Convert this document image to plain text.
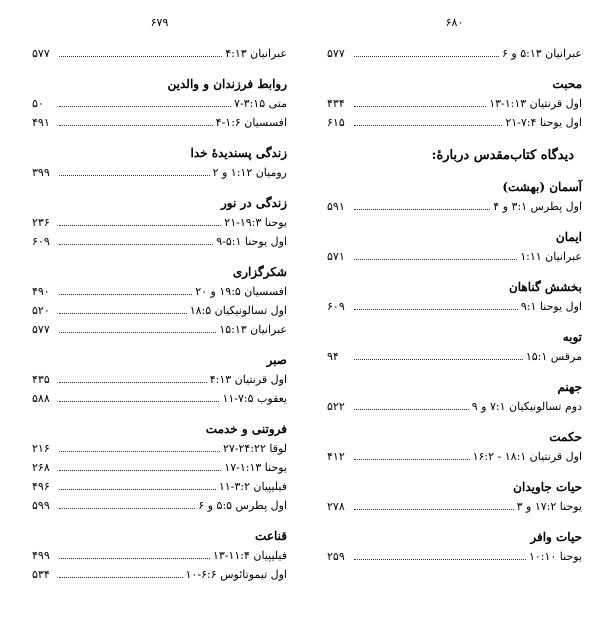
۶۸۰
عبرانیان ۵:۱۳ و ۶
۵۷۷
محبت
اول قرنتیان ۱:۱۳-۱۳
۴۳۴
اول یوحنا ۷:۴-۲۱
۶۱۵
دیدگاه کتاب‌مقدس دربارهٔ:
آسمان (بهشت)
اول پطرس ۳:۱ و ۴
۵۹۱
ایمان
عبرانیان ۱:۱۱
۵۷۱
بخشش گناهان
اول یوحنا ۹:۱
۶۰۹
توبه
مرقس ۱۵:۱
۹۴
جهنم
دوم تسالونیکیان ۷:۱ و ۹
۵۲۲
حکمت
اول قرنتیان ۱۸:۱ - ۱۶:۲
۴۱۲
حیات جاویدان
یوحنا ۱۷:۲ و ۳
۲۷۸
حیات وافر
یوحنا ۱۰:۱۰
۲۵۹
۶۷۹
عبرانیان ۴:۱۳
۵۷۷
روابط فرزندان و والدین
متی ۳:۱۵-۷
۵۰
افسسیان ۱:۶-۴
۴۹۱
زندگی پسندیدهٔ خدا
رومیان ۱:۱۲ و ۲
۳۹۹
زندگی در نور
یوحنا ۱۹:۳-۲۱
۲۳۶
اول یوحنا ۵:۱-۹
۶۰۹
شکرگزاری
افسسیان ۱۹:۵ و ۲۰
۴۹۰
اول تسالونیکیان ۱۸:۵
۵۲۰
عبرانیان ۱۵:۱۳
۵۷۷
صبر
اول قرنتیان ۴:۱۳
۴۳۵
یعقوب ۷:۵-۱۱
۵۸۸
فروتنی و خدمت
لوقا ۲۴:۲۲-۲۷
۲۱۶
یوحنا ۱:۱۳-۱۷
۲۶۸
فیلیپیان ۳:۲-۱۱
۴۹۶
اول پطرس ۵:۵ و ۶
۵۹۹
قناعت
فیلیپیان ۱۱:۴-۱۳
۴۹۹
اول تیموتائوس ۶:۶-۱۰
۵۳۴
